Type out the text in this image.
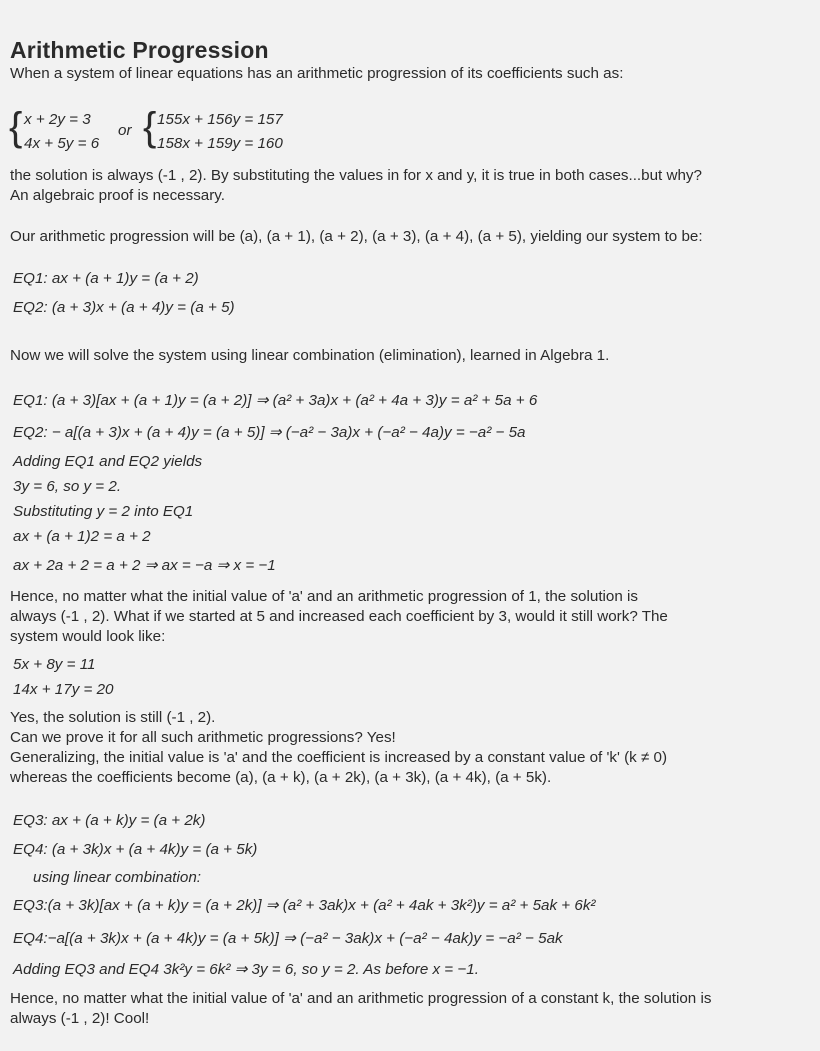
Arithmetic Progression
When a system of linear equations has an arithmetic progression of its coefficients such as:
{ x + 2y = 3
4x + 5y = 6
or { 155x + 156y = 157
158x + 159y = 160
the solution is always (-1 , 2). By substituting the values in for x and y, it is true in both cases...but why?
An algebraic proof is necessary.
Our arithmetic progression will be (a), (a + 1), (a + 2), (a + 3), (a + 4), (a + 5), yielding our system to be:
EQ1: ax + (a + 1)y = (a + 2)
EQ2: (a + 3)x + (a + 4)y = (a + 5)
Now we will solve the system using linear combination (elimination), learned in Algebra 1.
EQ1: (a + 3)[ax + (a + 1)y = (a + 2)] ⇒ (a² + 3a)x + (a² + 4a + 3)y = a² + 5a + 6
EQ2: − a[(a + 3)x + (a + 4)y = (a + 5)] ⇒ (−a² − 3a)x + (−a² − 4a)y = −a² − 5a
Adding EQ1 and EQ2 yields
3y = 6, so y = 2.
Substituting y = 2 into EQ1
ax + (a + 1)2 = a + 2
ax + 2a + 2 = a + 2 ⇒ ax = −a ⇒ x = −1
Hence, no matter what the initial value of 'a' and an arithmetic progression of 1, the solution is
always (-1 , 2). What if we started at 5 and increased each coefficient by 3, would it still work? The
system would look like:
5x + 8y = 11
14x + 17y = 20
Yes, the solution is still (-1 , 2).
Can we prove it for all such arithmetic progressions? Yes!
Generalizing, the initial value is 'a' and the coefficient is increased by a constant value of 'k' (k ≠ 0)
whereas the coefficients become (a), (a + k), (a + 2k), (a + 3k), (a + 4k), (a + 5k).
EQ3: ax + (a + k)y = (a + 2k)
EQ4: (a + 3k)x + (a + 4k)y = (a + 5k)
using linear combination:
EQ3:(a + 3k)[ax + (a + k)y = (a + 2k)] ⇒ (a² + 3ak)x + (a² + 4ak + 3k²)y = a² + 5ak + 6k²
EQ4:−a[(a + 3k)x + (a + 4k)y = (a + 5k)] ⇒ (−a² − 3ak)x + (−a² − 4ak)y = −a² − 5ak
Adding EQ3 and EQ4 3k²y = 6k² ⇒ 3y = 6, so y = 2. As before x = −1.
Hence, no matter what the initial value of 'a' and an arithmetic progression of a constant k, the solution is
always (-1 , 2)! Cool!
